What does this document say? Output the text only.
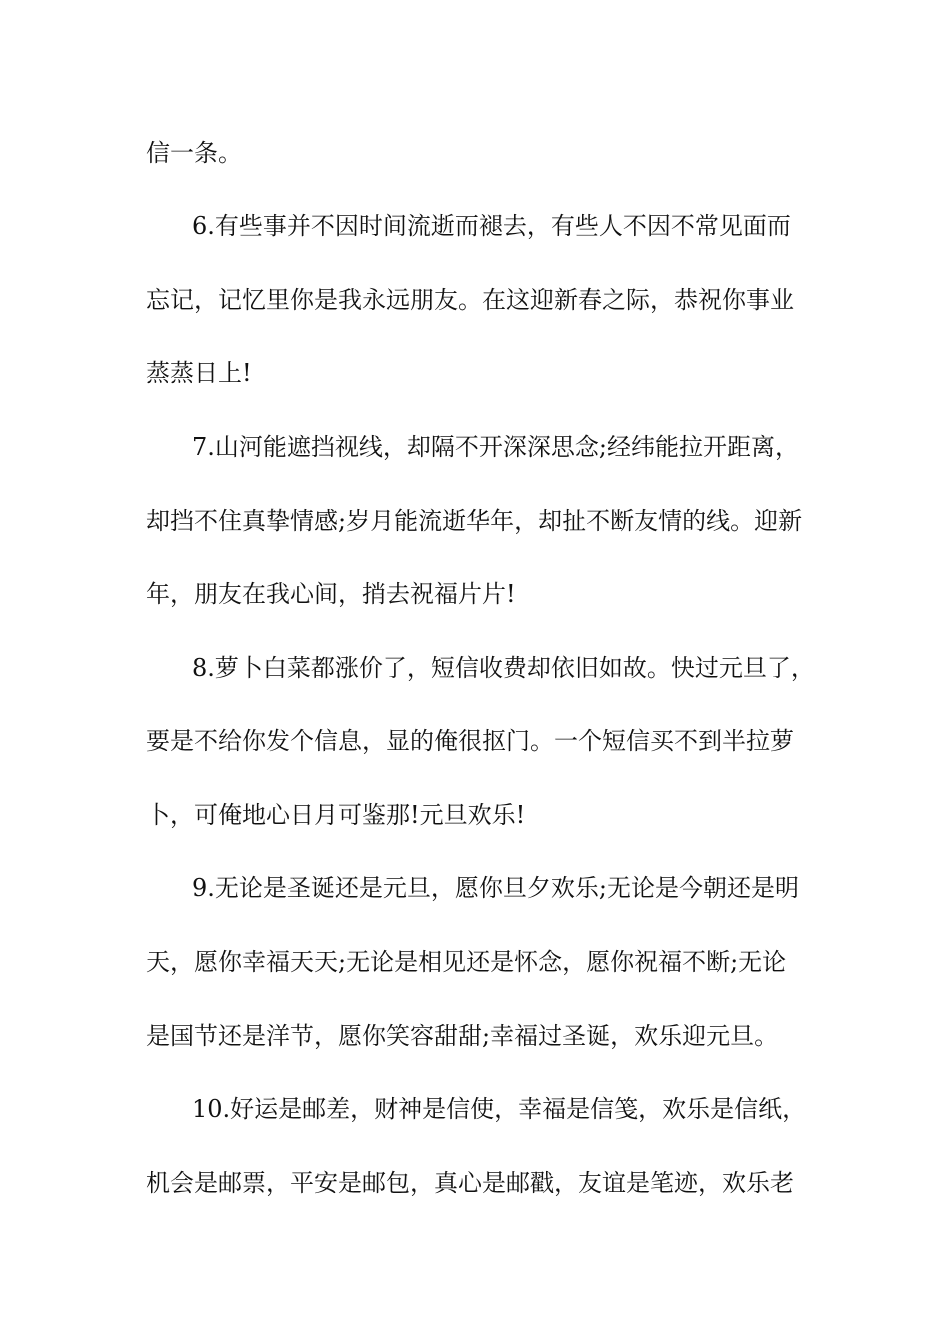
信一条。
6.有些事并不因时间流逝而褪去，有些人不因不常见面而
忘记，记忆里你是我永远朋友。在这迎新春之际，恭祝你事业
蒸蒸日上!
7.山河能遮挡视线，却隔不开深深思念;经纬能拉开距离，
却挡不住真挚情感;岁月能流逝华年，却扯不断友情的线。迎新
年，朋友在我心间，捎去祝福片片!
8.萝卜白菜都涨价了，短信收费却依旧如故。快过元旦了，
要是不给你发个信息，显的俺很抠门。一个短信买不到半拉萝
卜，可俺地心日月可鉴那!元旦欢乐!
9.无论是圣诞还是元旦，愿你旦夕欢乐;无论是今朝还是明
天，愿你幸福天天;无论是相见还是怀念，愿你祝福不断;无论
是国节还是洋节，愿你笑容甜甜;幸福过圣诞，欢乐迎元旦。
10.好运是邮差，财神是信使，幸福是信笺，欢乐是信纸，
机会是邮票，平安是邮包，真心是邮戳，友谊是笔迹，欢乐老
